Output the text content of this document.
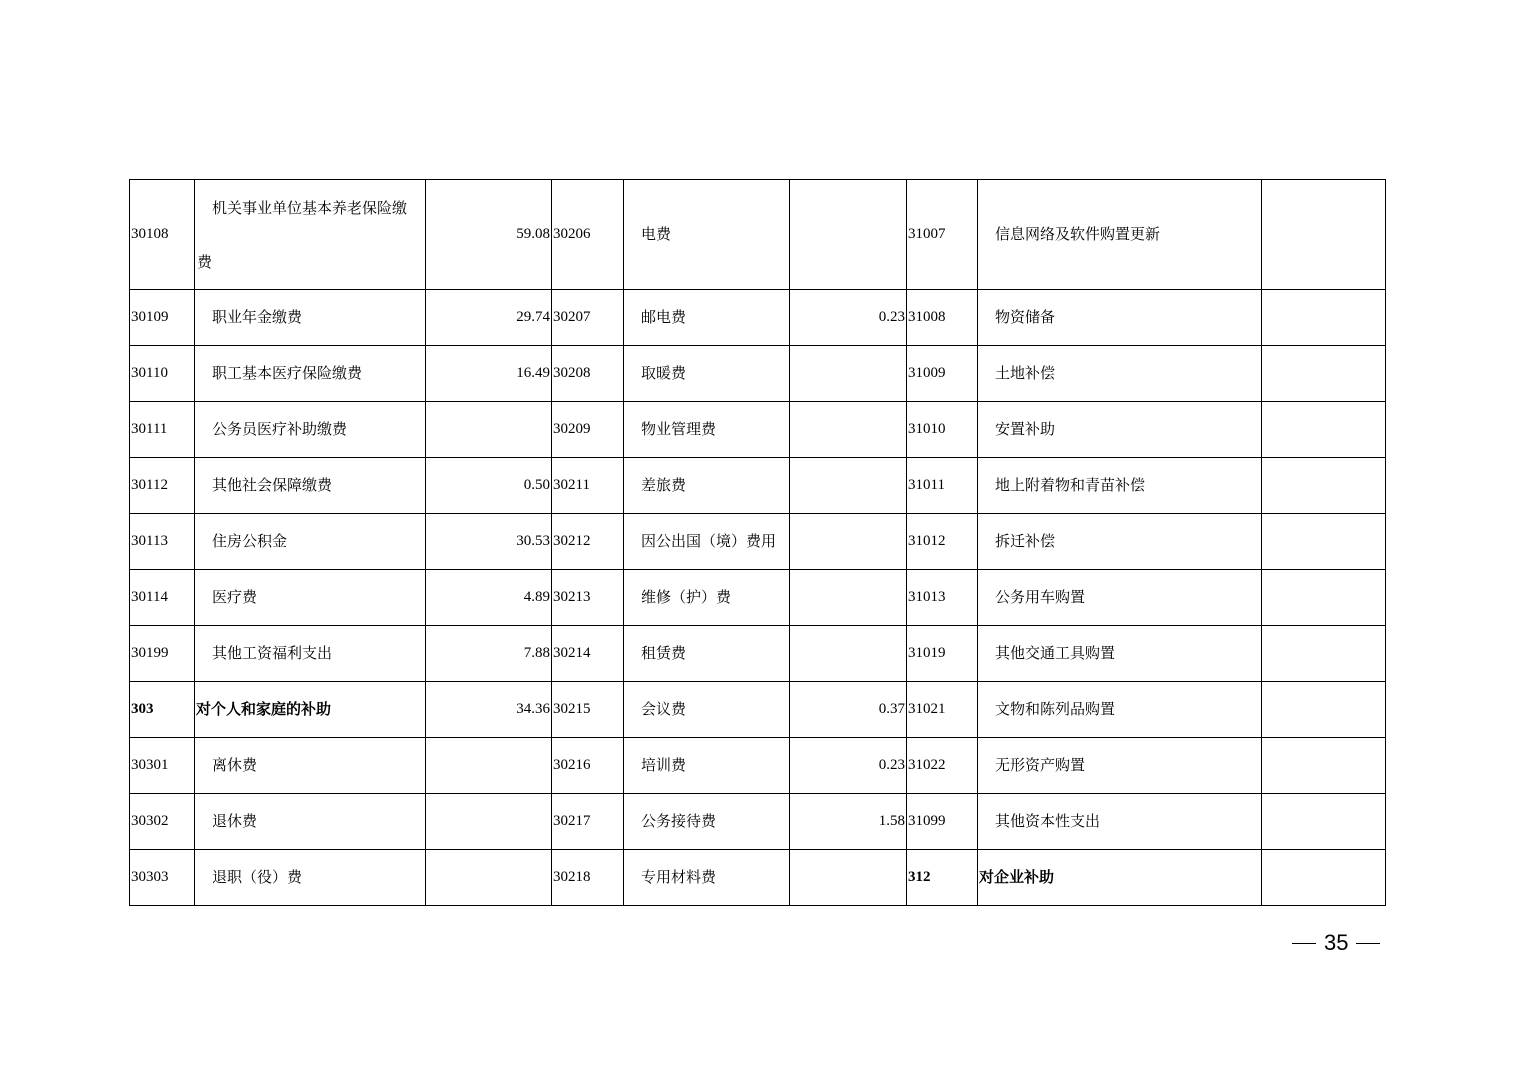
30108	机关事业单位基本养老保险缴
费	59.08	30206	电费		31007	信息网络及软件购置更新	
30109	职业年金缴费	29.74	30207	邮电费	0.23	31008	物资储备	
30110	职工基本医疗保险缴费	16.49	30208	取暖费		31009	土地补偿	
30111	公务员医疗补助缴费		30209	物业管理费		31010	安置补助	
30112	其他社会保障缴费	0.50	30211	差旅费		31011	地上附着物和青苗补偿	
30113	住房公积金	30.53	30212	因公出国（境）费用		31012	拆迁补偿	
30114	医疗费	4.89	30213	维修（护）费		31013	公务用车购置	
30199	其他工资福利支出	7.88	30214	租赁费		31019	其他交通工具购置	
303	对个人和家庭的补助	34.36	30215	会议费	0.37	31021	文物和陈列品购置	
30301	离休费		30216	培训费	0.23	31022	无形资产购置	
30302	退休费		30217	公务接待费	1.58	31099	其他资本性支出	
30303	退职（役）费		30218	专用材料费		312	对企业补助	
35
